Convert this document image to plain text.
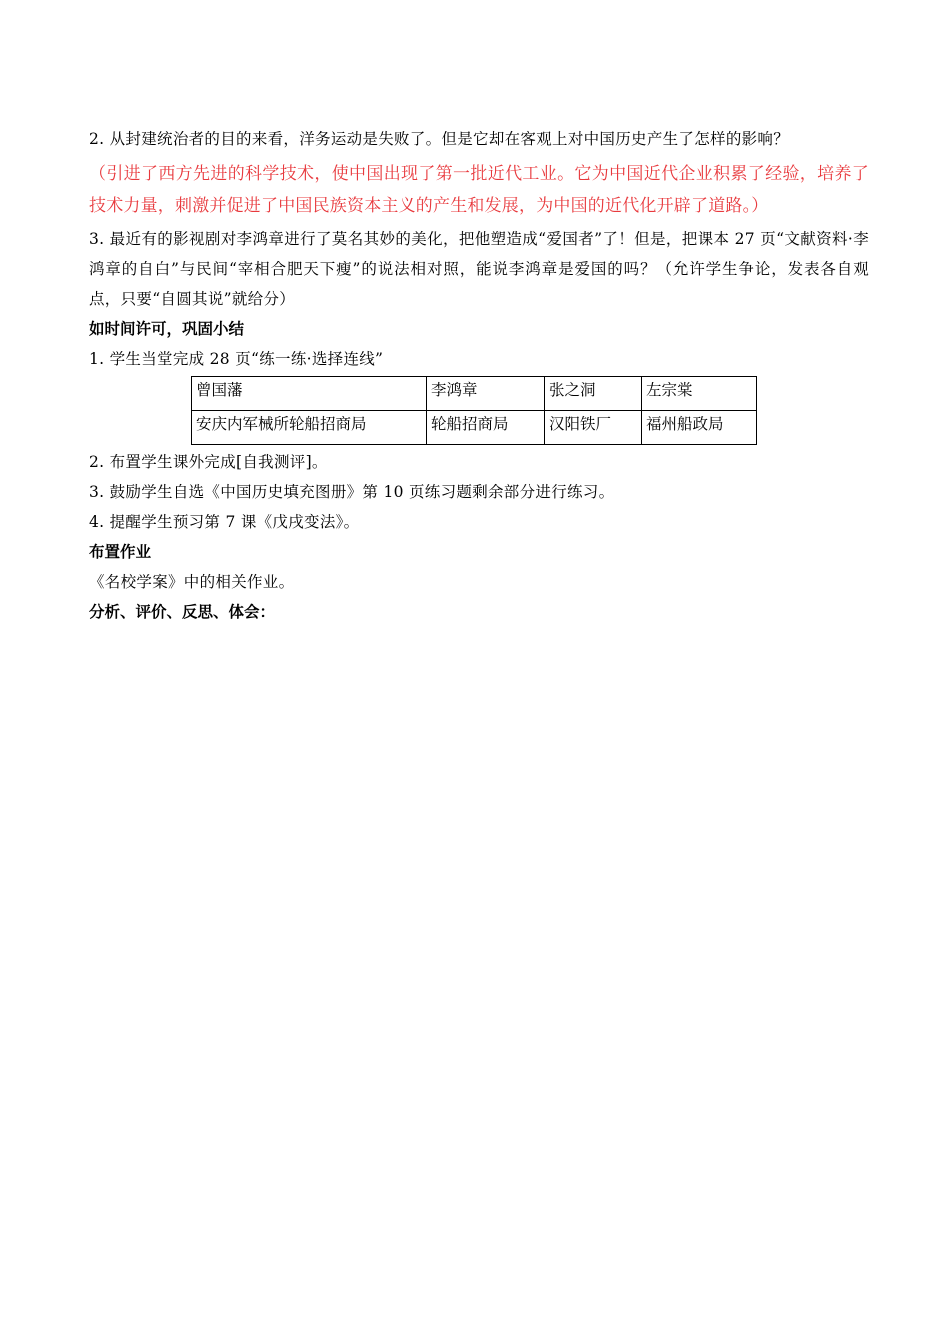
2. 从封建统治者的目的来看，洋务运动是失败了。但是它却在客观上对中国历史产生了怎样的影响？

（引进了西方先进的科学技术，使中国出现了第一批近代工业。它为中国近代企业积累了经验，培养了技术力量，刺激并促进了中国民族资本主义的产生和发展，为中国的近代化开辟了道路。）

3. 最近有的影视剧对李鸿章进行了莫名其妙的美化，把他塑造成“爱国者”了！但是，把课本 27 页“文献资料·李鸿章的自白”与民间“宰相合肥天下瘦”的说法相对照，能说李鸿章是爱国的吗？（允许学生争论，发表各自观点，只要“自圆其说”就给分）

如时间许可，巩固小结

1. 学生当堂完成 28 页“练一练·选择连线”

曾国藩	李鸿章	张之洞	左宗棠
安庆内军械所轮船招商局	轮船招商局	汉阳铁厂	福州船政局

2. 布置学生课外完成[自我测评]。

3. 鼓励学生自选《中国历史填充图册》第 10 页练习题剩余部分进行练习。

4. 提醒学生预习第 7 课《戊戌变法》。

布置作业

《名校学案》中的相关作业。

分析、评价、反思、体会：
